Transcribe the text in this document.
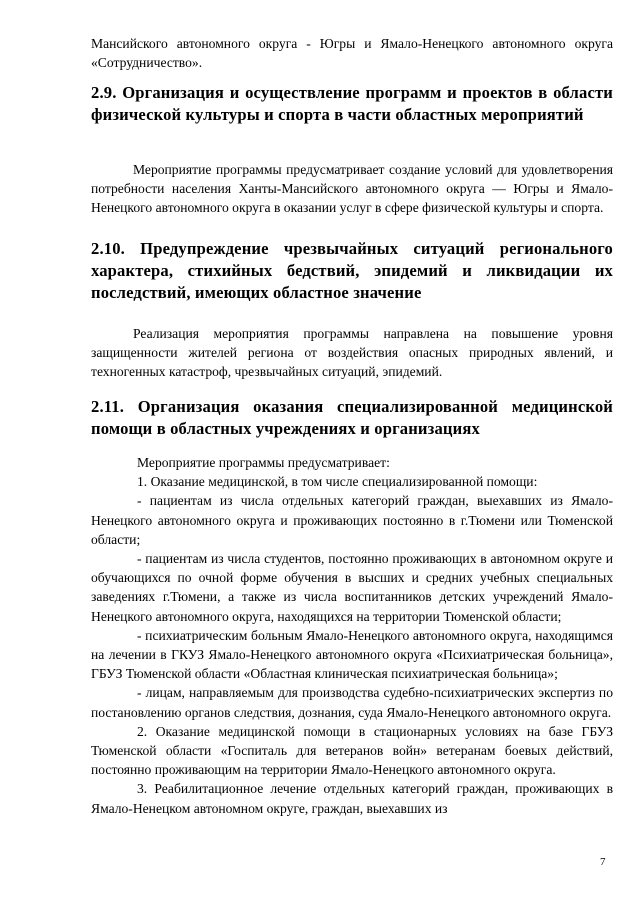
Мансийского автономного округа - Югры и Ямало-Ненецкого автономного округа «Сотрудничество».

2.9. Организация и осуществление программ и проектов в области физической культуры и спорта в части областных мероприятий

Мероприятие программы предусматривает создание условий для удовлетворения потребности населения Ханты-Мансийского автономного округа — Югры и Ямало-Ненецкого автономного округа в оказании услуг в сфере физической культуры и спорта.

2.10. Предупреждение чрезвычайных ситуаций регионального характера, стихийных бедствий, эпидемий и ликвидации их последствий, имеющих областное значение

Реализация мероприятия программы направлена на повышение уровня защищенности жителей региона от воздействия опасных природных явлений, и техногенных катастроф, чрезвычайных ситуаций, эпидемий.

2.11. Организация оказания специализированной медицинской помощи в областных учреждениях и организациях

Мероприятие программы предусматривает:

1. Оказание медицинской, в том числе специализированной помощи:

- пациентам из числа отдельных категорий граждан, выехавших из Ямало-Ненецкого автономного округа и проживающих постоянно в г.Тюмени или Тюменской области;

- пациентам из числа студентов, постоянно проживающих в автономном округе и обучающихся по очной форме обучения в высших и средних учебных специальных заведениях г.Тюмени, а также из числа воспитанников детских учреждений Ямало-Ненецкого автономного округа, находящихся на территории Тюменской области;

- психиатрическим больным Ямало-Ненецкого автономного округа, находящимся на лечении в ГКУЗ Ямало-Ненецкого автономного округа «Психиатрическая больница», ГБУЗ Тюменской области «Областная клиническая психиатрическая больница»;

- лицам, направляемым для производства судебно-психиатрических экспертиз по постановлению органов следствия, дознания, суда Ямало-Ненецкого автономного округа.

2. Оказание медицинской помощи в стационарных условиях на базе ГБУЗ Тюменской области «Госпиталь для ветеранов войн» ветеранам боевых действий, постоянно проживающим на территории Ямало-Ненецкого автономного округа.

3. Реабилитационное лечение отдельных категорий граждан, проживающих в Ямало-Ненецком автономном округе, граждан, выехавших из

7
